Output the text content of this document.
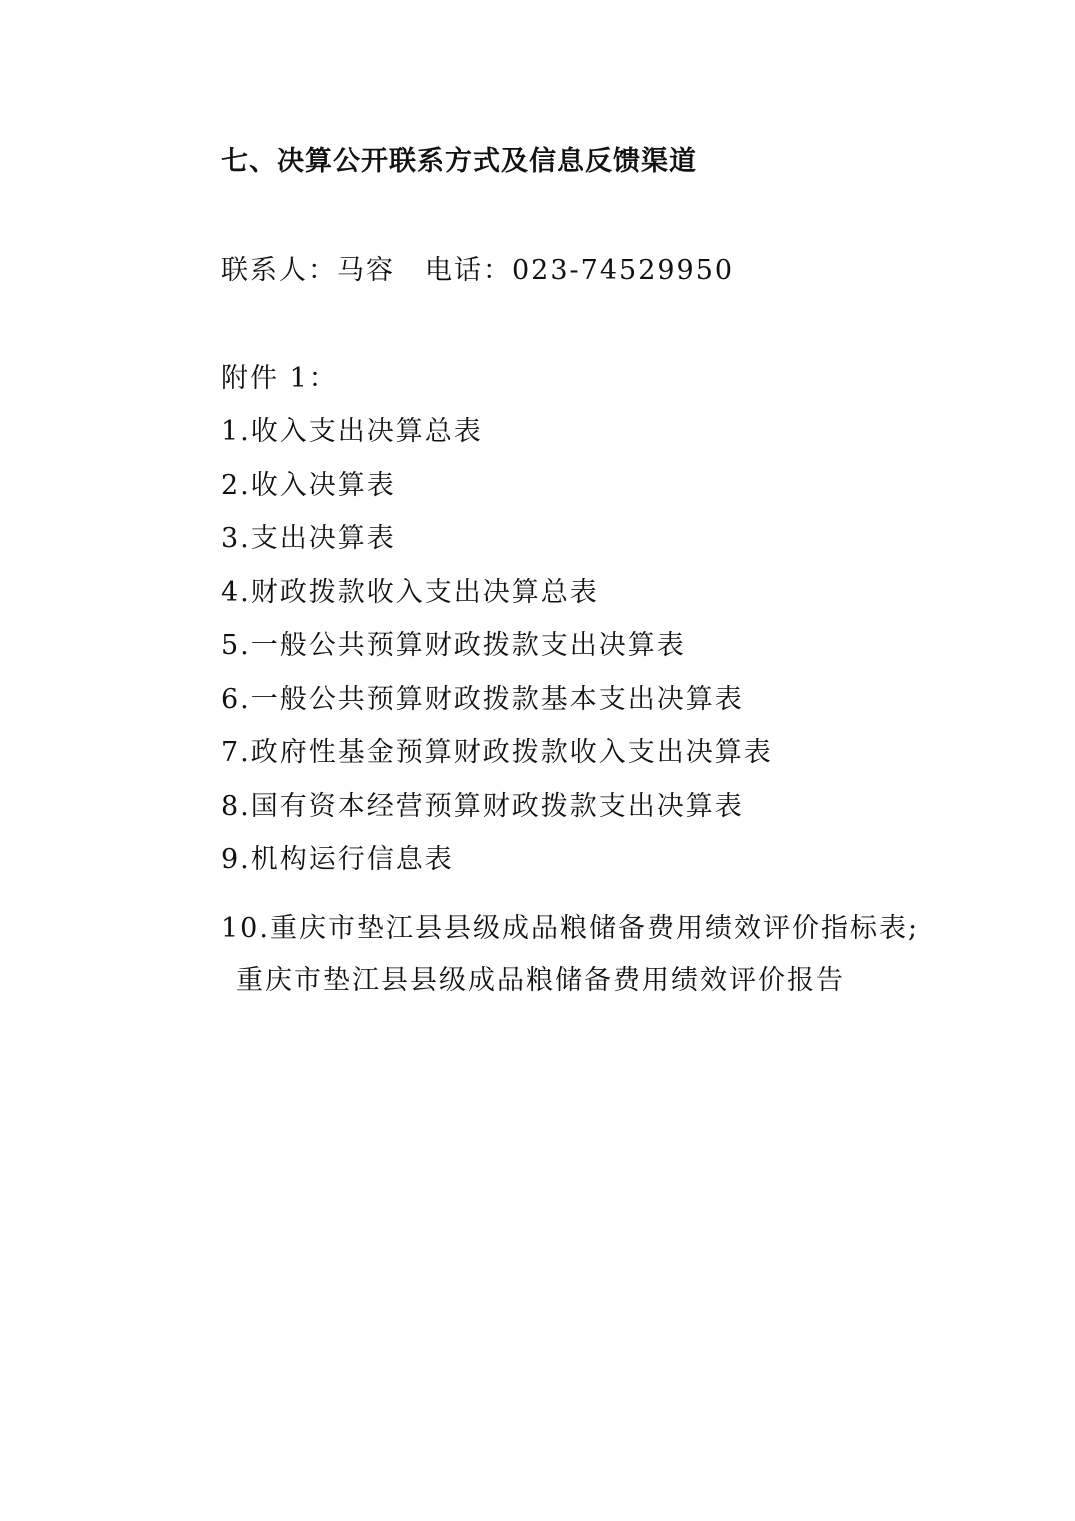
七、决算公开联系方式及信息反馈渠道
联系人：马容 电话：023-74529950
附件 1：
1.收入支出决算总表
2.收入决算表
3.支出决算表
4.财政拨款收入支出决算总表
5.一般公共预算财政拨款支出决算表
6.一般公共预算财政拨款基本支出决算表
7.政府性基金预算财政拨款收入支出决算表
8.国有资本经营预算财政拨款支出决算表
9.机构运行信息表
10.重庆市垫江县县级成品粮储备费用绩效评价指标表;
重庆市垫江县县级成品粮储备费用绩效评价报告
